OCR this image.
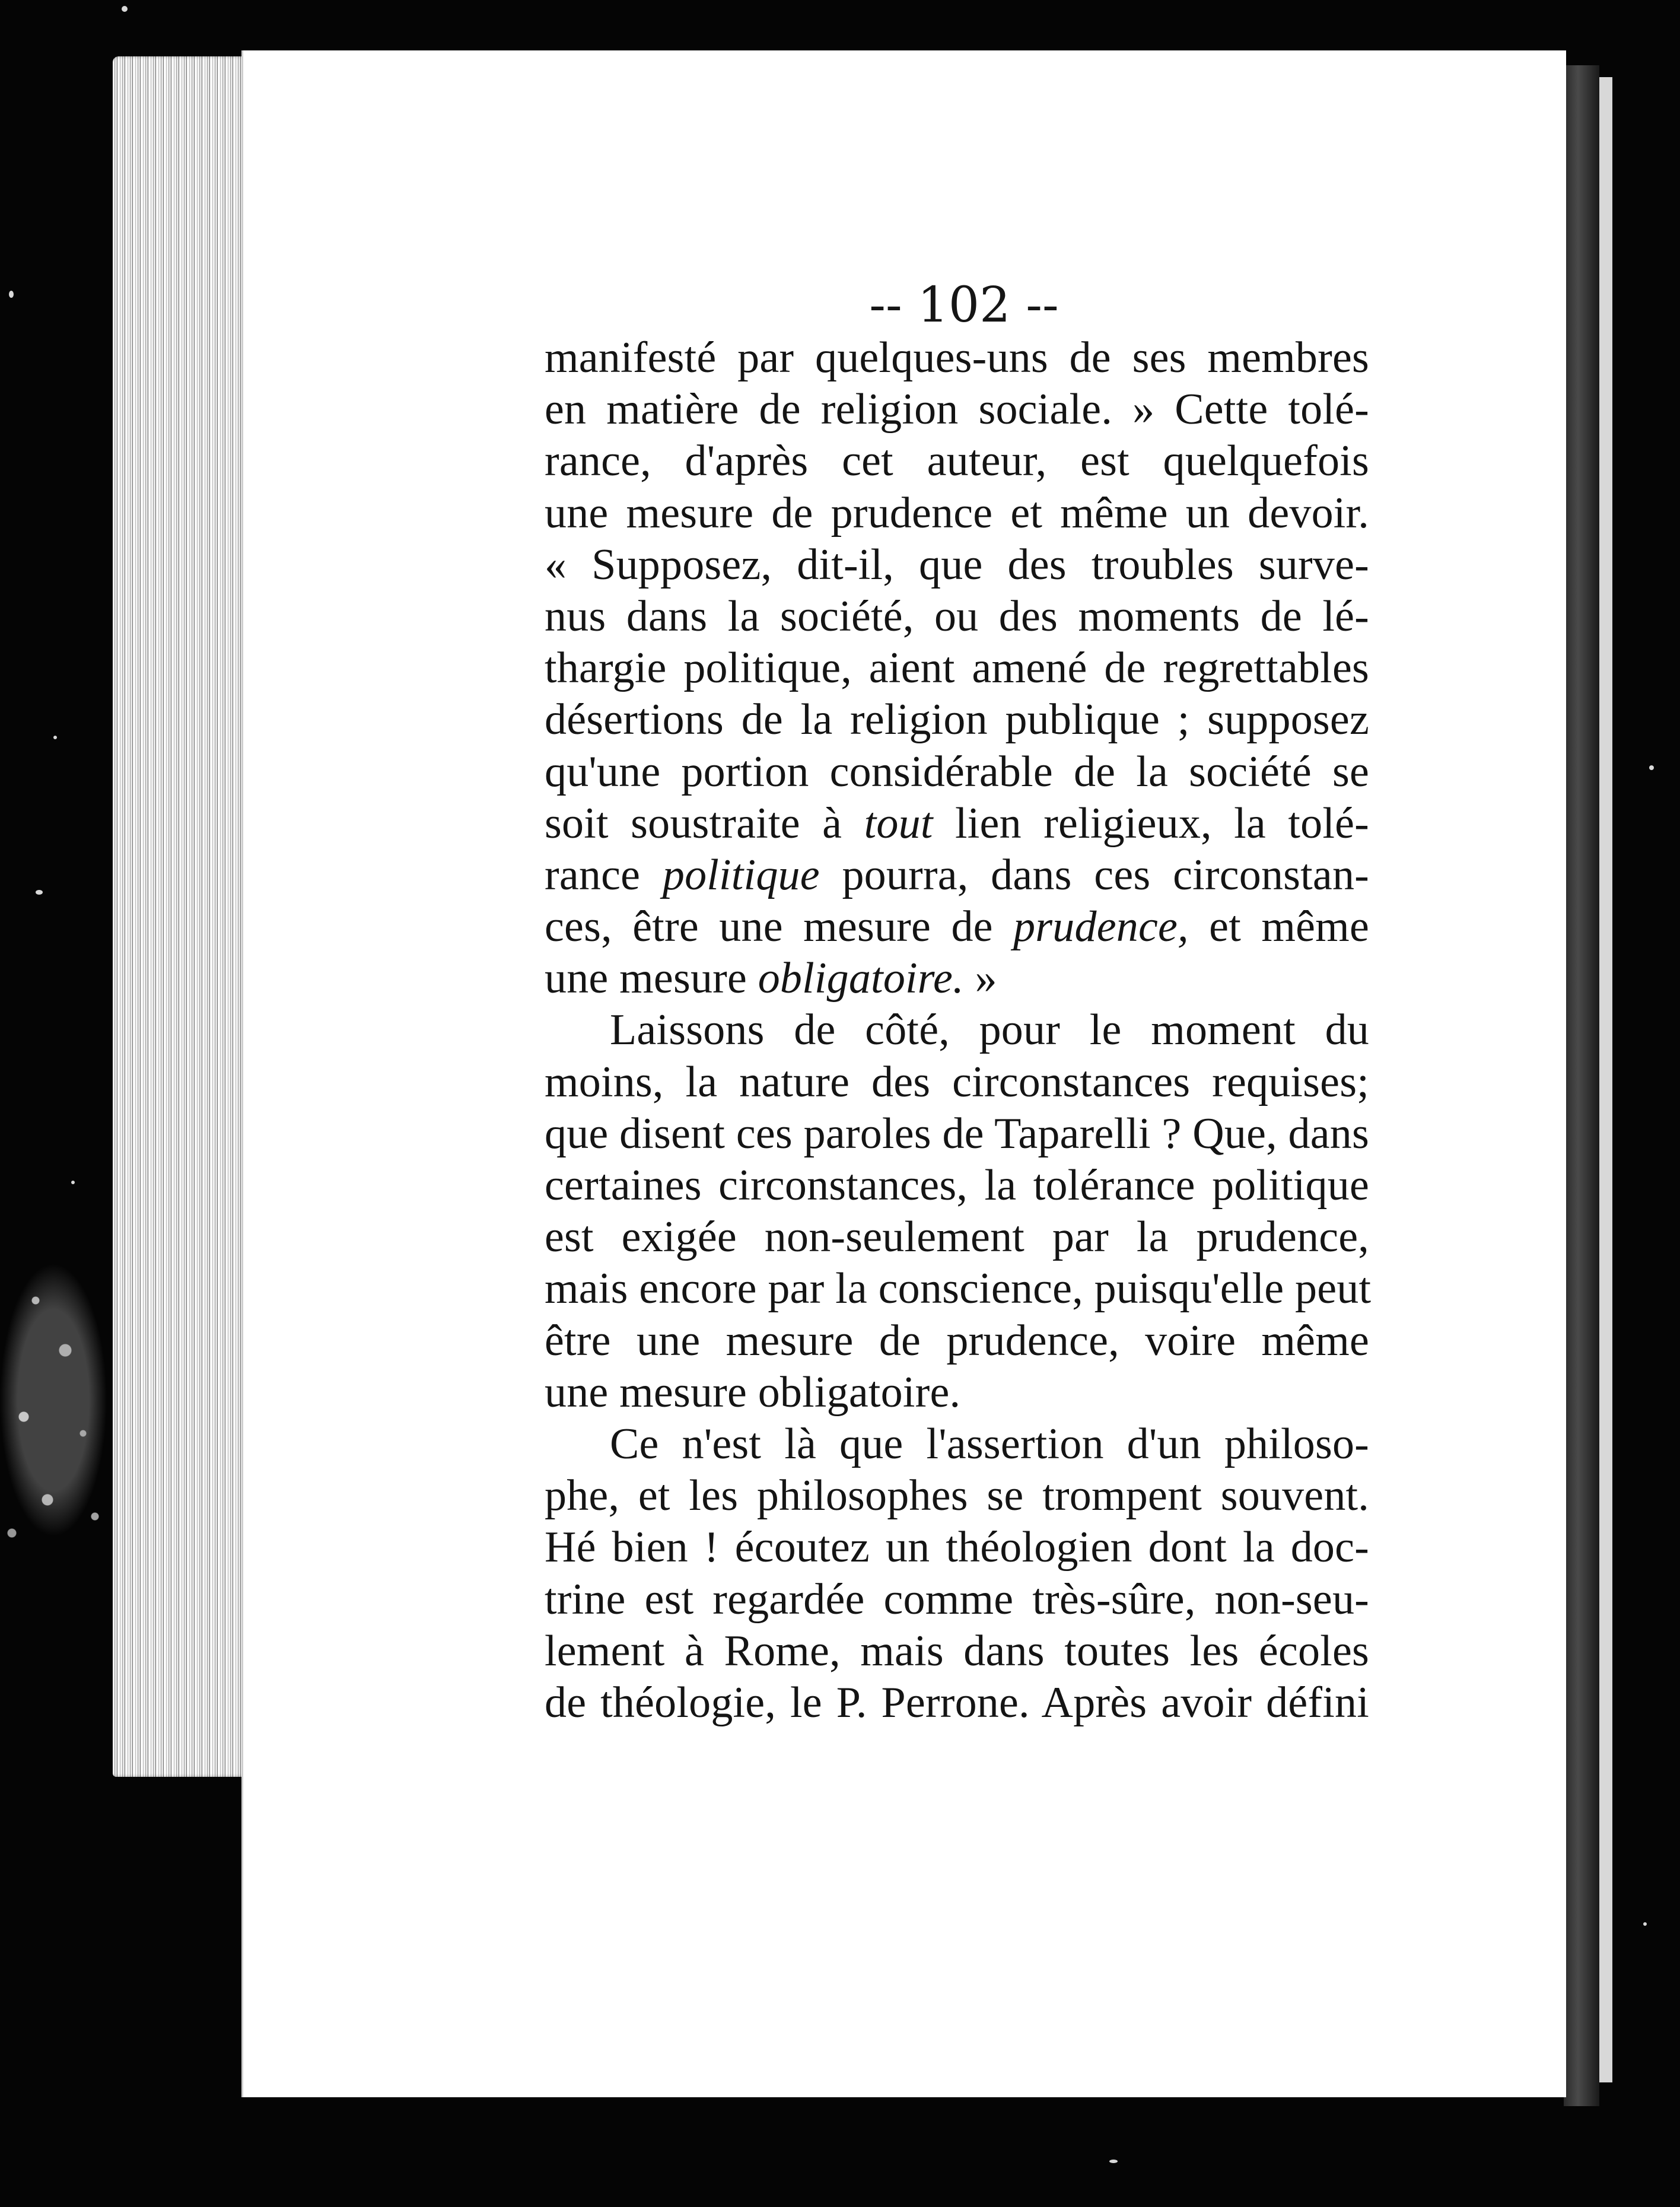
-- 102 --
manifesté par quelques-uns de ses membres
en matière de religion sociale. » Cette tolé-
rance, d'après cet auteur, est quelquefois
une mesure de prudence et même un devoir.
« Supposez, dit-il, que des troubles surve-
nus dans la société, ou des moments de lé-
thargie politique, aient amené de regrettables
désertions de la religion publique ; supposez
qu'une portion considérable de la société se
soit soustraite à tout lien religieux, la tolé-
rance politique pourra, dans ces circonstan-
ces, être une mesure de prudence, et même
une mesure obligatoire. »
Laissons de côté, pour le moment du
moins, la nature des circonstances requises;
que disent ces paroles de Taparelli ? Que, dans
certaines circonstances, la tolérance politique
est exigée non-seulement par la prudence,
mais encore par la conscience, puisqu'elle peut
être une mesure de prudence, voire même
une mesure obligatoire.
Ce n'est là que l'assertion d'un philoso-
phe, et les philosophes se trompent souvent.
Hé bien ! écoutez un théologien dont la doc-
trine est regardée comme très-sûre, non-seu-
lement à Rome, mais dans toutes les écoles
de théologie, le P. Perrone. Après avoir défini
